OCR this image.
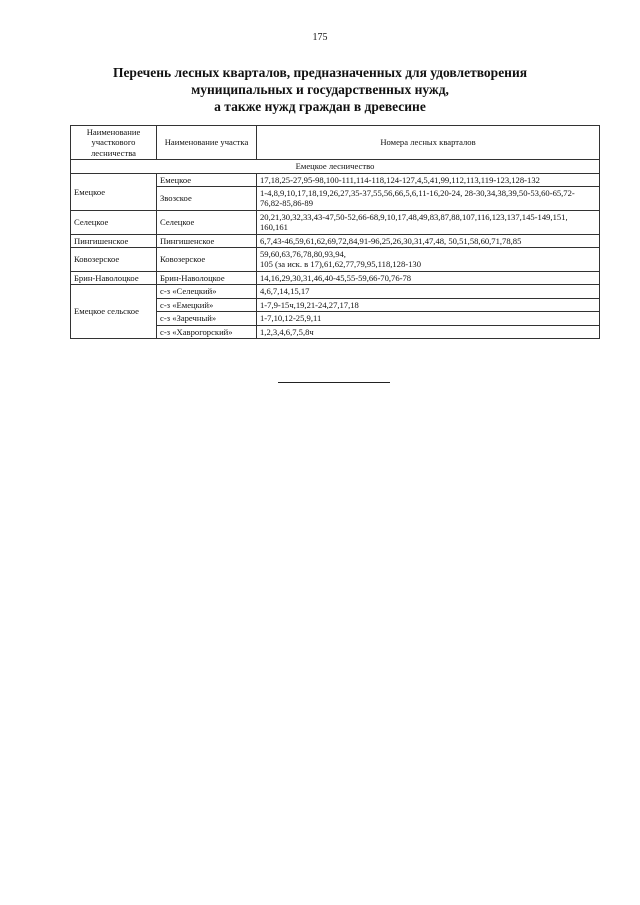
175
Перечень лесных кварталов, предназначенных для удовлетворения
муниципальных и государственных нужд,
а также нужд граждан в древесине
Наименование участкового лесничества	Наименование участка	Номера лесных кварталов
Емецкое лесничество		
Емецкое	Емецкое	17,18,25-27,95-98,100-111,114-118,124-127,4,5,41,99,112,113,119-123,128-132
	Звозское	1-4,8,9,10,17,18,19,26,27,35-37,55,56,66,5,6,11-16,20-24, 28-30,34,38,39,50-53,60-65,72-76,82-85,86-89
Селецкое	Селецкое	20,21,30,32,33,43-47,50-52,66-68,9,10,17,48,49,83,87,88,107,116,123,137,145-149,151, 160,161
Пингишенское	Пингишенское	6,7,43-46,59,61,62,69,72,84,91-96,25,26,30,31,47,48, 50,51,58,60,71,78,85
Ковозерское	Ковозерское	59,60,63,76,78,80,93,94,
105 (за иск. в 17),61,62,77,79,95,118,128-130
Брин-Наволоцкое	Брин-Наволоцкое	14,16,29,30,31,46,40-45,55-59,66-70,76-78
Емецкое сельское	с-з «Селецкий»	4,6,7,14,15,17
	с-з «Емецкий»	1-7,9-15ч,19,21-24,27,17,18
	с-з «Заречный»	1-7,10,12-25,9,11
	с-з «Хаврогорский»	1,2,3,4,6,7,5,8ч
